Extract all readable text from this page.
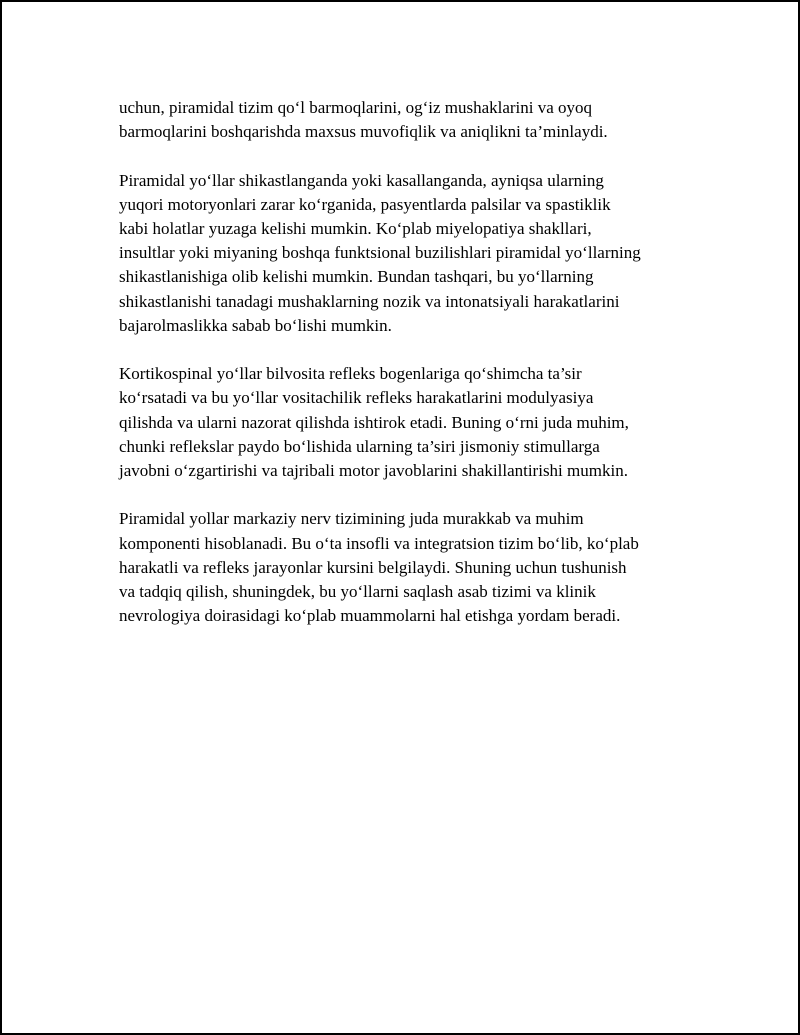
uchun, piramidal tizim qo‘l barmoqlarini, og‘iz mushaklarini va oyoq
barmoqlarini boshqarishda maxsus muvofiqlik va aniqlikni ta’minlaydi.

Piramidal yo‘llar shikastlanganda yoki kasallanganda, ayniqsa ularning
yuqori motoryonlari zarar ko‘rganida, pasyentlarda palsilar va spastiklik
kabi holatlar yuzaga kelishi mumkin. Ko‘plab miyelopatiya shakllari,
insultlar yoki miyaning boshqa funktsional buzilishlari piramidal yo‘llarning
shikastlanishiga olib kelishi mumkin. Bundan tashqari, bu yo‘llarning
shikastlanishi tanadagi mushaklarning nozik va intonatsiyali harakatlarini
bajarolmaslikka sabab bo‘lishi mumkin.

Kortikospinal yo‘llar bilvosita refleks bogenlariga qo‘shimcha ta’sir
ko‘rsatadi va bu yo‘llar vositachilik refleks harakatlarini modulyasiya
qilishda va ularni nazorat qilishda ishtirok etadi. Buning o‘rni juda muhim,
chunki reflekslar paydo bo‘lishida ularning ta’siri jismoniy stimullarga
javobni o‘zgartirishi va tajribali motor javoblarini shakillantirishi mumkin.

Piramidal yollar markaziy nerv tizimining juda murakkab va muhim
komponenti hisoblanadi. Bu o‘ta insofli va integratsion tizim bo‘lib, ko‘plab
harakatli va refleks jarayonlar kursini belgilaydi. Shuning uchun tushunish
va tadqiq qilish, shuningdek, bu yo‘llarni saqlash asab tizimi va klinik
nevrologiya doirasidagi ko‘plab muammolarni hal etishga yordam beradi.
